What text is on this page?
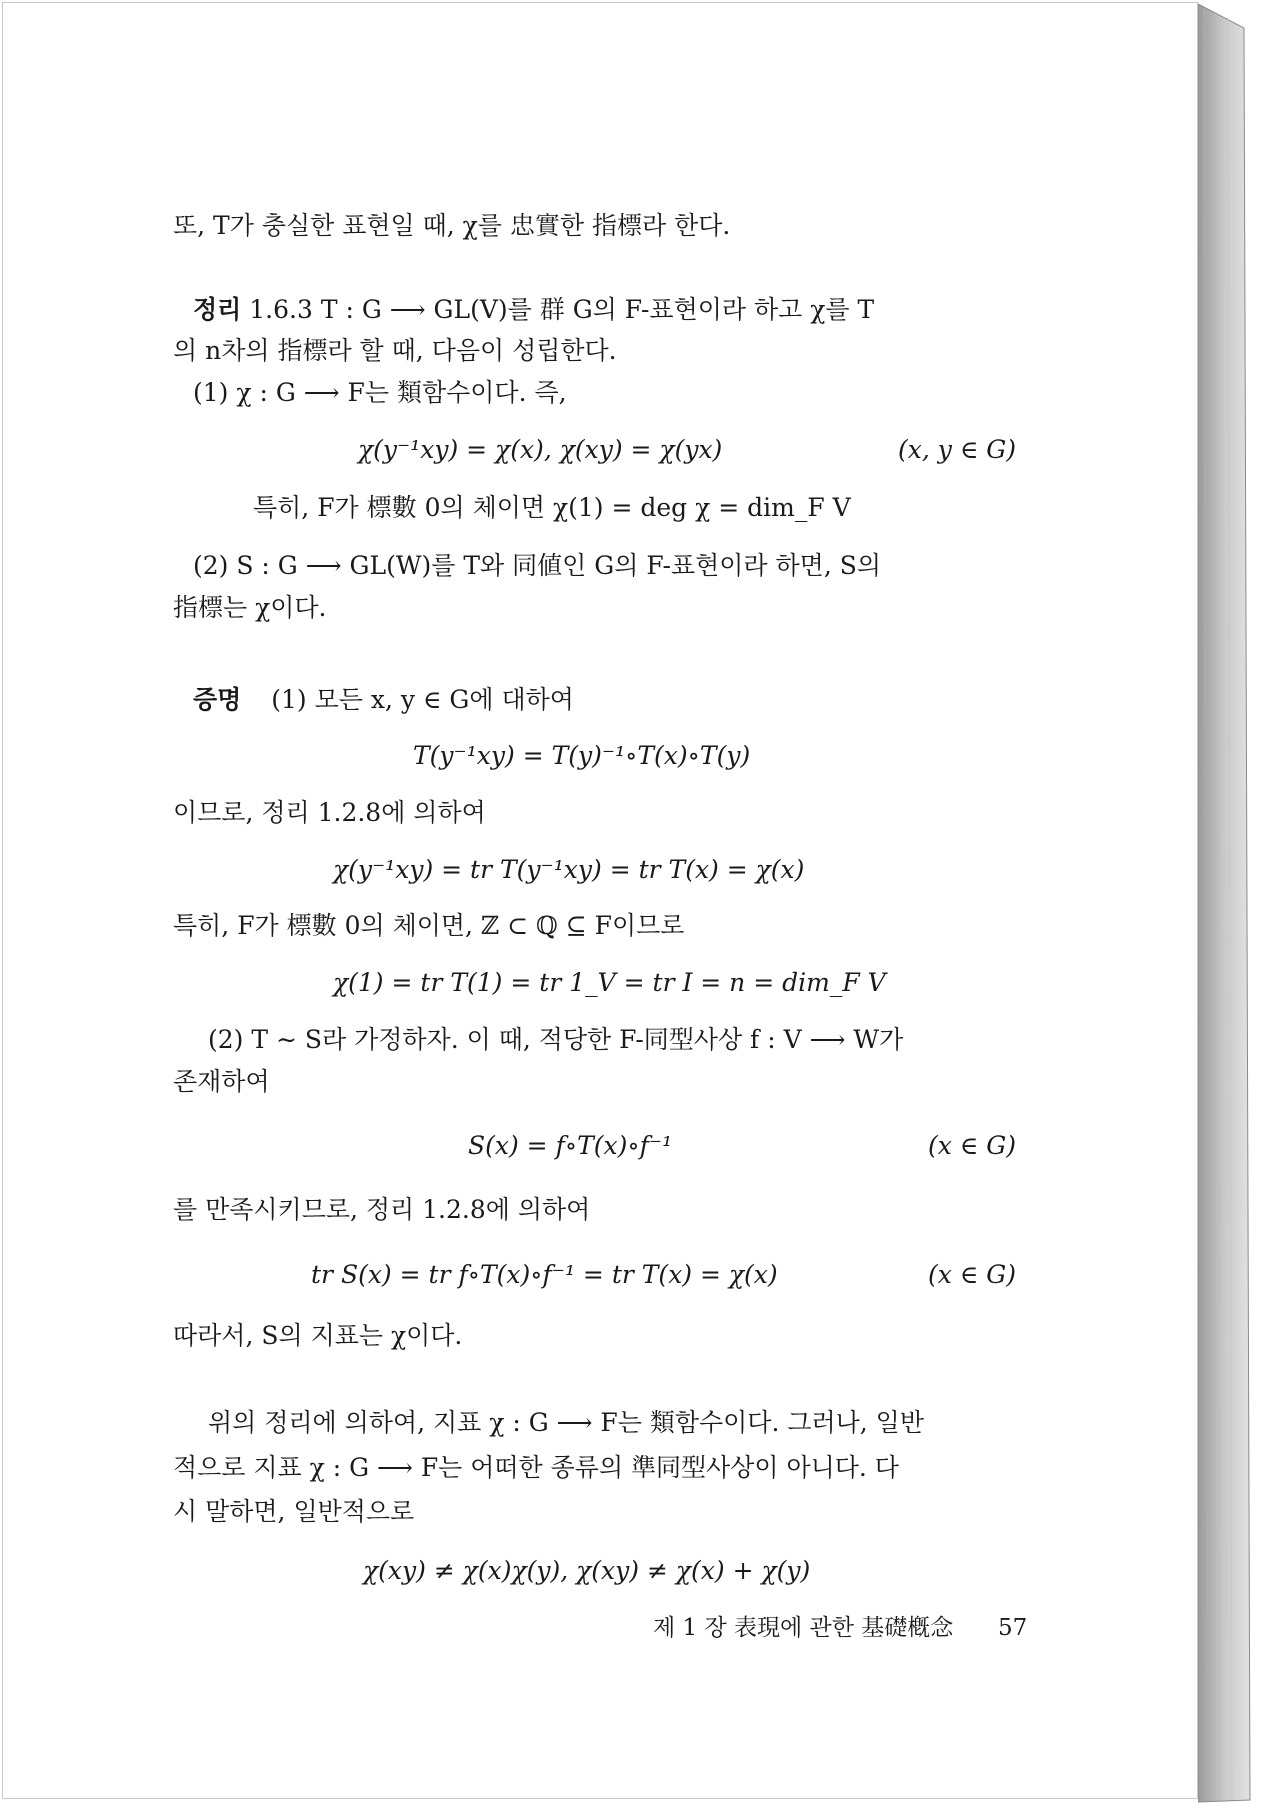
또, T가 충실한 표현일 때, χ를 忠實한 指標라 한다.
정리 1.6.3 T : G ⟶ GL(V)를 群 G의 F-표현이라 하고 χ를 T
의 n차의 指標라 할 때, 다음이 성립한다.
(1) χ : G ⟶ F는 類함수이다. 즉,
χ(y⁻¹xy) = χ(x), χ(xy) = χ(yx)	(x, y ∈ G)
특히, F가 標數 0의 체이면 χ(1) = deg χ = dim_F V
(2) S : G ⟶ GL(W)를 T와 同値인 G의 F-표현이라 하면, S의
指標는 χ이다.
증명 (1) 모든 x, y ∈ G에 대하여
T(y⁻¹xy) = T(y)⁻¹∘T(x)∘T(y)
이므로, 정리 1.2.8에 의하여
χ(y⁻¹xy) = tr T(y⁻¹xy) = tr T(x) = χ(x)
특히, F가 標數 0의 체이면, ℤ ⊂ ℚ ⊆ F이므로
χ(1) = tr T(1) = tr 1_V = tr I = n = dim_F V
(2) T ∼ S라 가정하자. 이 때, 적당한 F-同型사상 f : V ⟶ W가
존재하여
S(x) = f∘T(x)∘f⁻¹	(x ∈ G)
를 만족시키므로, 정리 1.2.8에 의하여
tr S(x) = tr f∘T(x)∘f⁻¹ = tr T(x) = χ(x)	(x ∈ G)
따라서, S의 지표는 χ이다.
위의 정리에 의하여, 지표 χ : G ⟶ F는 類함수이다. 그러나, 일반
적으로 지표 χ : G ⟶ F는 어떠한 종류의 準同型사상이 아니다. 다
시 말하면, 일반적으로
χ(xy) ≠ χ(x)χ(y), χ(xy) ≠ χ(x) + χ(y)
제 1 장 表現에 관한 基礎槪念 57
